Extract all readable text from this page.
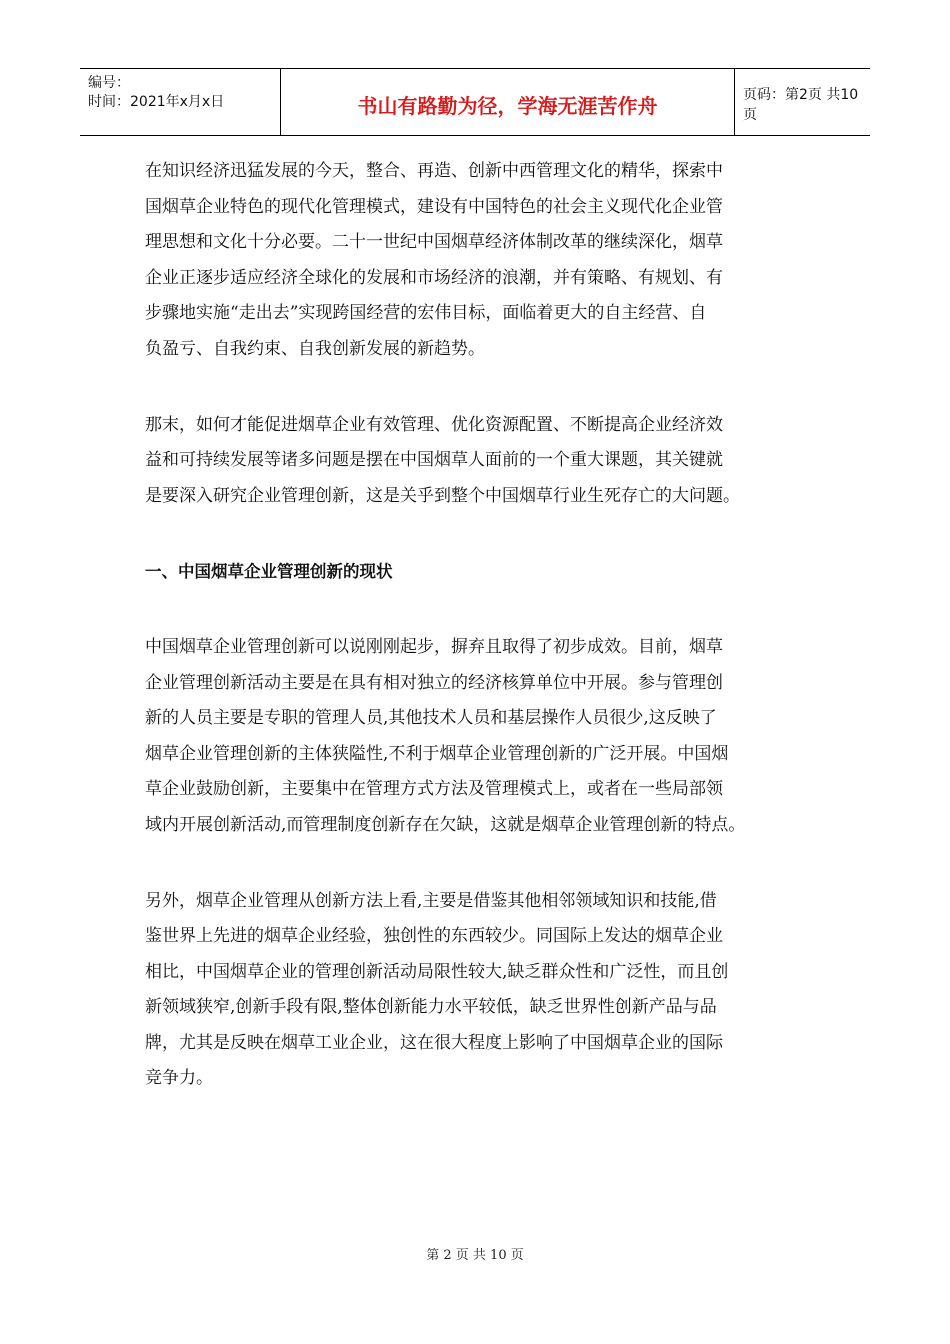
编号：
时间：2021年x月x日	书山有路勤为径，学海无涯苦作舟	页码：第2页 共10页
在知识经济迅猛发展的今天，整合、再造、创新中西管理文化的精华，探索中
国烟草企业特色的现代化管理模式，建设有中国特色的社会主义现代化企业管
理思想和文化十分必要。二十一世纪中国烟草经济体制改革的继续深化，烟草
企业正逐步适应经济全球化的发展和市场经济的浪潮，并有策略、有规划、有
步骤地实施“走出去”实现跨国经营的宏伟目标，面临着更大的自主经营、自
负盈亏、自我约束、自我创新发展的新趋势。
那末，如何才能促进烟草企业有效管理、优化资源配置、不断提高企业经济效
益和可持续发展等诸多问题是摆在中国烟草人面前的一个重大课题，其关键就
是要深入研究企业管理创新，这是关乎到整个中国烟草行业生死存亡的大问题。
一、中国烟草企业管理创新的现状
中国烟草企业管理创新可以说刚刚起步，摒弃且取得了初步成效。目前，烟草
企业管理创新活动主要是在具有相对独立的经济核算单位中开展。参与管理创
新的人员主要是专职的管理人员,其他技术人员和基层操作人员很少,这反映了
烟草企业管理创新的主体狭隘性,不利于烟草企业管理创新的广泛开展。中国烟
草企业鼓励创新，主要集中在管理方式方法及管理模式上，或者在一些局部领
域内开展创新活动,而管理制度创新存在欠缺，这就是烟草企业管理创新的特点。
另外，烟草企业管理从创新方法上看,主要是借鉴其他相邻领域知识和技能,借
鉴世界上先进的烟草企业经验，独创性的东西较少。同国际上发达的烟草企业
相比，中国烟草企业的管理创新活动局限性较大,缺乏群众性和广泛性，而且创
新领域狭窄,创新手段有限,整体创新能力水平较低，缺乏世界性创新产品与品
牌，尤其是反映在烟草工业企业，这在很大程度上影响了中国烟草企业的国际
竞争力。
第 2 页 共 10 页
